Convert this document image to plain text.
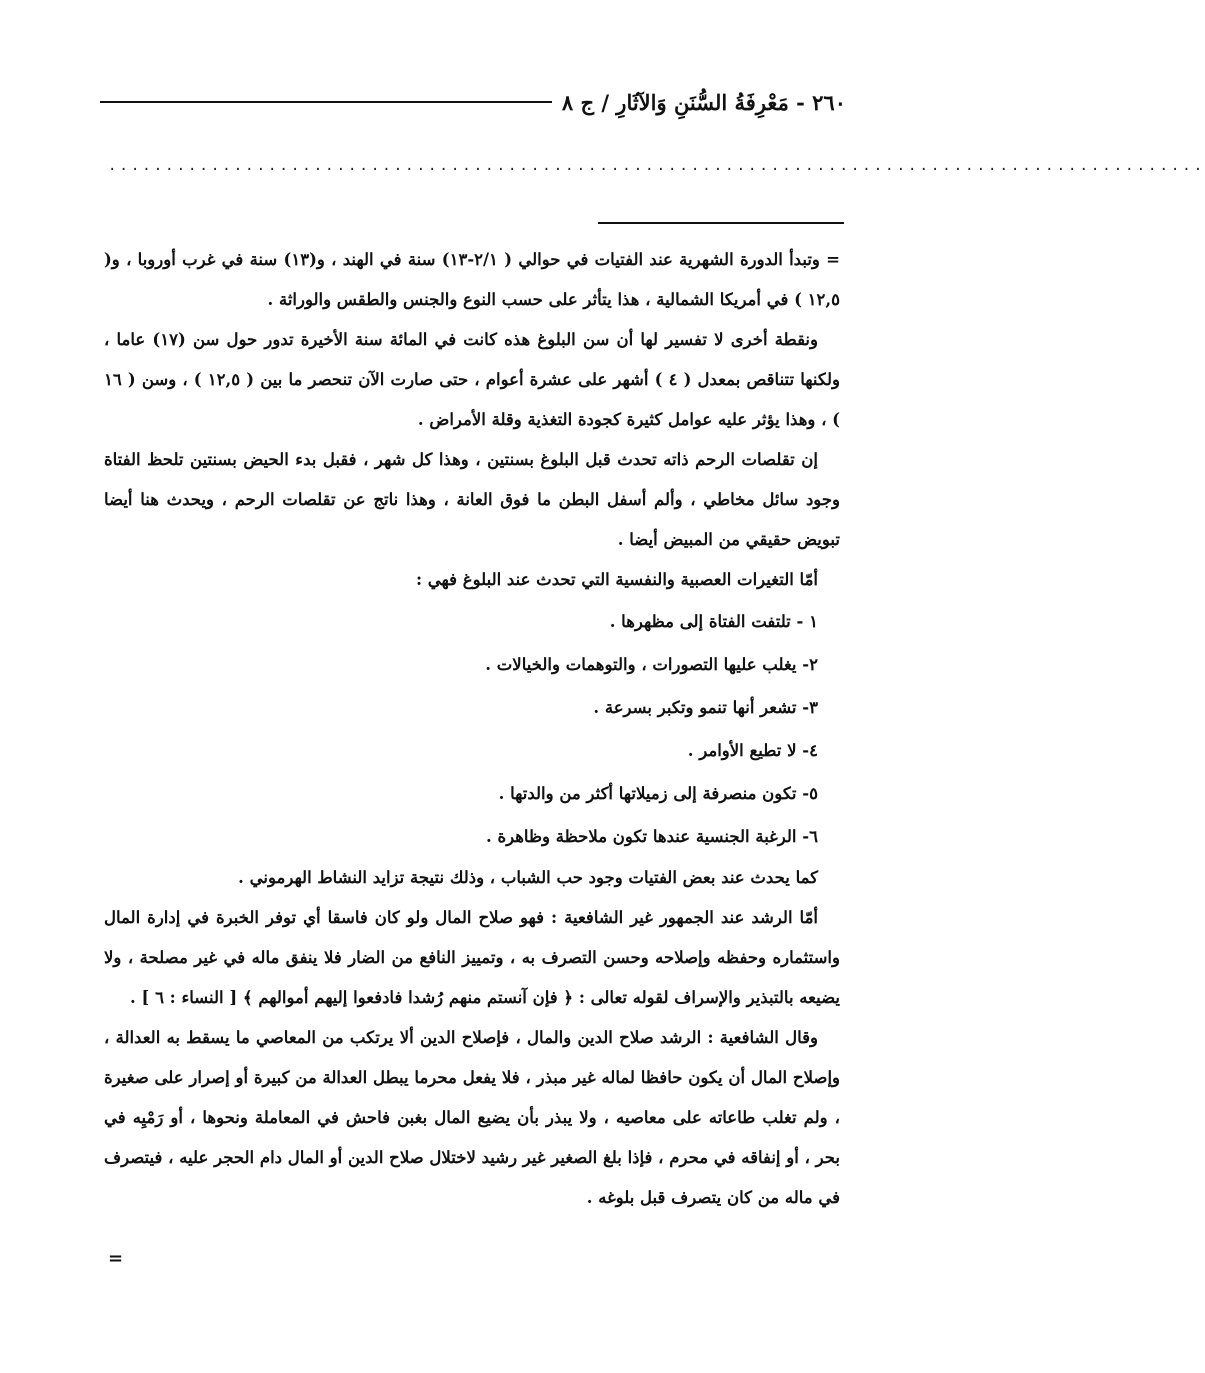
٢٦٠ - مَعْرِفَةُ السُّنَنِ وَالآثَارِ / ج ٨
................................................................................................

= وتبدأ الدورة الشهرية عند الفتيات في حوالي ( ٢/١-١٣) سنة في الهند ، و(١٣) سنة في غرب أوروبا ، و( ١٢,٥ ) في أمريكا الشمالية ، هذا يتأثر على حسب النوع والجنس والطقس والوراثة .

ونقطة أخرى لا تفسير لها أن سن البلوغ هذه كانت في المائة سنة الأخيرة تدور حول سن (١٧) عاما ، ولكنها تتناقص بمعدل ( ٤ ) أشهر على عشرة أعوام ، حتى صارت الآن تنحصر ما بين ( ١٢,٥ ) ، وسن ( ١٦ ) ، وهذا يؤثر عليه عوامل كثيرة كجودة التغذية وقلة الأمراض .

إن تقلصات الرحم ذاته تحدث قبل البلوغ بسنتين ، وهذا كل شهر ، فقبل بدء الحيض بسنتين تلحظ الفتاة وجود سائل مخاطي ، وألم أسفل البطن ما فوق العانة ، وهذا ناتج عن تقلصات الرحم ، ويحدث هنا أيضا تبويض حقيقي من المبيض أيضا .

أمّا التغيرات العصبية والنفسية التي تحدث عند البلوغ فهي :

١ - تلتفت الفتاة إلى مظهرها .

٢- يغلب عليها التصورات ، والتوهمات والخيالات .

٣- تشعر أنها تنمو وتكبر بسرعة .

٤- لا تطيع الأوامر .

٥- تكون منصرفة إلى زميلاتها أكثر من والدتها .

٦- الرغبة الجنسية عندها تكون ملاحظة وظاهرة .

كما يحدث عند بعض الفتيات وجود حب الشباب ، وذلك نتيجة تزايد النشاط الهرموني .

أمّا الرشد عند الجمهور غير الشافعية : فهو صلاح المال ولو كان فاسقا أي توفر الخبرة في إدارة المال واستثماره وحفظه وإصلاحه وحسن التصرف به ، وتمييز النافع من الضار فلا ينفق ماله في غير مصلحة ، ولا يضيعه بالتبذير والإسراف لقوله تعالى : ﴿ فإن آنستم منهم رُشدا فادفعوا إليهم أموالهم ﴾ [ النساء : ٦ ] .

وقال الشافعية : الرشد صلاح الدين والمال ، فإصلاح الدين ألا يرتكب من المعاصي ما يسقط به العدالة ، وإصلاح المال أن يكون حافظا لماله غير مبذر ، فلا يفعل محرما يبطل العدالة من كبيرة أو إصرار على صغيرة ، ولم تغلب طاعاته على معاصيه ، ولا يبذر بأن يضيع المال بغبن فاحش في المعاملة ونحوها ، أو رَمْيِه في بحر ، أو إنفاقه في محرم ، فإذا بلغ الصغير غير رشيد لاختلال صلاح الدين أو المال دام الحجر عليه ، فيتصرف في ماله من كان يتصرف قبل بلوغه .

=
